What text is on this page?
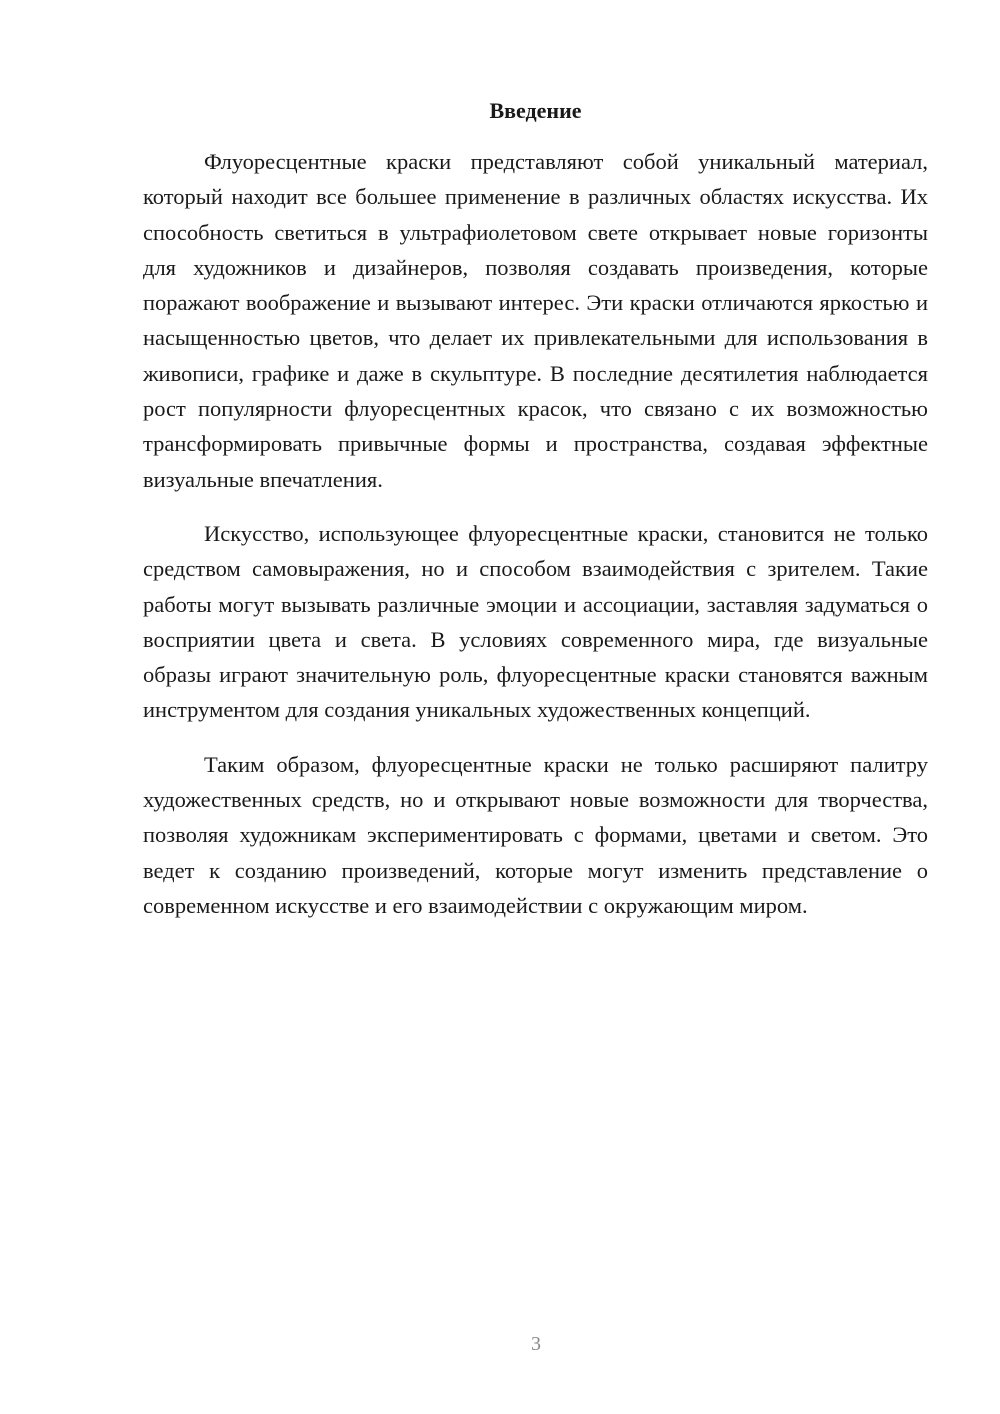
Введение

Флуоресцентные краски представляют собой уникальный материал, который находит все большее применение в различных областях искусства. Их способность светиться в ультрафиолетовом свете открывает новые горизонты для художников и дизайнеров, позволяя создавать произведения, которые поражают воображение и вызывают интерес. Эти краски отличаются яркостью и насыщенностью цветов, что делает их привлекательными для использования в живописи, графике и даже в скульптуре. В последние десятилетия наблюдается рост популярности флуоресцентных красок, что связано с их возможностью трансформировать привычные формы и пространства, создавая эффектные визуальные впечатления.

Искусство, использующее флуоресцентные краски, становится не только средством самовыражения, но и способом взаимодействия с зрителем. Такие работы могут вызывать различные эмоции и ассоциации, заставляя задуматься о восприятии цвета и света. В условиях современного мира, где визуальные образы играют значительную роль, флуоресцентные краски становятся важным инструментом для создания уникальных художественных концепций.

Таким образом, флуоресцентные краски не только расширяют палитру художественных средств, но и открывают новые возможности для творчества, позволяя художникам экспериментировать с формами, цветами и светом. Это ведет к созданию произведений, которые могут изменить представление о современном искусстве и его взаимодействии с окружающим миром.

3
